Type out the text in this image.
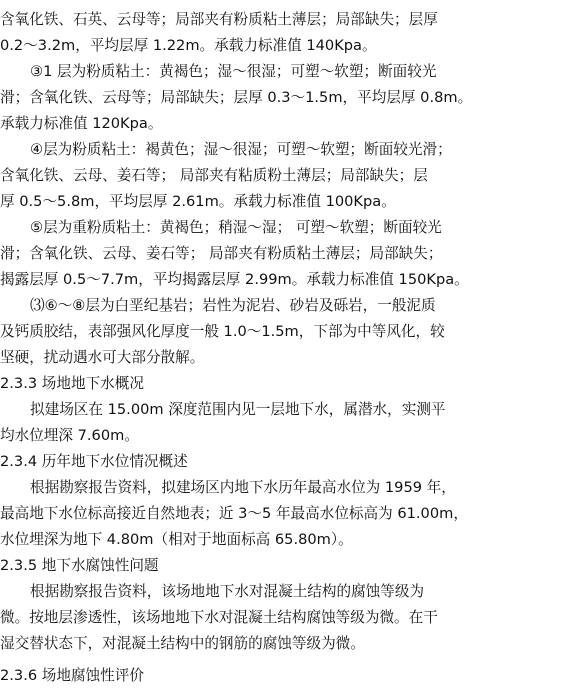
含氧化铁、石英、云母等；局部夹有粉质粘土薄层；局部缺失；层厚
0.2～3.2m，平均层厚 1.22m。承载力标准值 140Kpa。
③1 层为粉质粘土：黄褐色；湿～很湿；可塑～软塑；断面较光
滑；含氧化铁、云母等；局部缺失；层厚 0.3～1.5m，平均层厚 0.8m。
承载力标准值 120Kpa。
④层为粉质粘土：褐黄色；湿～很湿；可塑～软塑；断面较光滑；
含氧化铁、云母、姜石等； 局部夹有粘质粉土薄层；局部缺失；层
厚 0.5～5.8m，平均层厚 2.61m。承载力标准值 100Kpa。
⑤层为重粉质粘土：黄褐色；稍湿～湿； 可塑～软塑；断面较光
滑；含氧化铁、云母、姜石等； 局部夹有粉质粘土薄层；局部缺失；
揭露层厚 0.5～7.7m，平均揭露层厚 2.99m。承载力标准值 150Kpa。
⑶⑥～⑧层为白垩纪基岩；岩性为泥岩、砂岩及砾岩，一般泥质
及钙质胶结，表部强风化厚度一般 1.0～1.5m，下部为中等风化，较
坚硬，扰动遇水可大部分散解。
2.3.3 场地地下水概况
拟建场区在 15.00m 深度范围内见一层地下水，属潜水，实测平
均水位埋深 7.60m。
2.3.4 历年地下水位情况概述
根据勘察报告资料，拟建场区内地下水历年最高水位为 1959 年，
最高地下水位标高接近自然地表；近 3～5 年最高水位标高为 61.00m，
水位埋深为地下 4.80m（相对于地面标高 65.80m）。
2.3.5 地下水腐蚀性问题
根据勘察报告资料，该场地地下水对混凝土结构的腐蚀等级为
微。按地层渗透性，该场地地下水对混凝土结构腐蚀等级为微。在干
湿交替状态下，对混凝土结构中的钢筋的腐蚀等级为微。
2.3.6 场地腐蚀性评价
